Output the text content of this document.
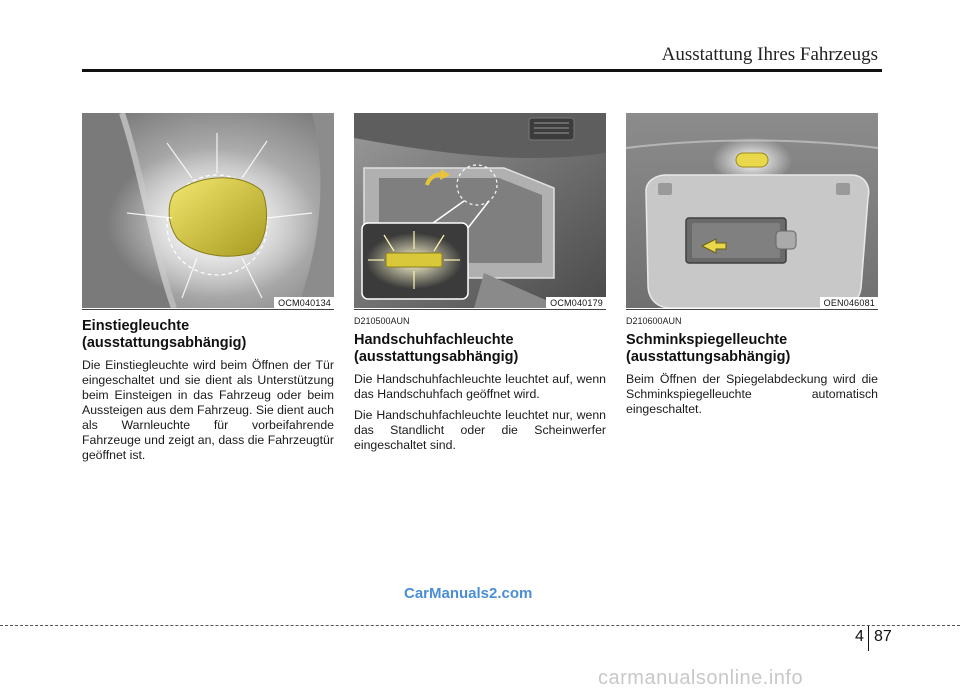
Ausstattung Ihres Fahrzeugs
OCM040134
Einstiegleuchte (ausstattungsabhängig)
Die Einstiegleuchte wird beim Öffnen der Tür eingeschaltet und sie dient als Unterstützung beim Einsteigen in das Fahrzeug oder beim Aussteigen aus dem Fahrzeug. Sie dient auch als Warnleuchte für vorbeifahrende Fahrzeuge und zeigt an, dass die Fahrzeugtür geöffnet ist.
OCM040179
D210500AUN
Handschuhfachleuchte (ausstattungsabhängig)
Die Handschuhfachleuchte leuchtet auf, wenn das Handschuhfach geöffnet wird.
Die Handschuhfachleuchte leuchtet nur, wenn das Standlicht oder die Scheinwerfer eingeschaltet sind.
OEN046081
D210600AUN
Schminkspiegelleuchte (ausstattungsabhängig)
Beim Öffnen der Spiegelabdeckung wird die Schminkspiegelleuchte automatisch eingeschaltet.
CarManuals2.com
4 87
carmanualsonline.info
